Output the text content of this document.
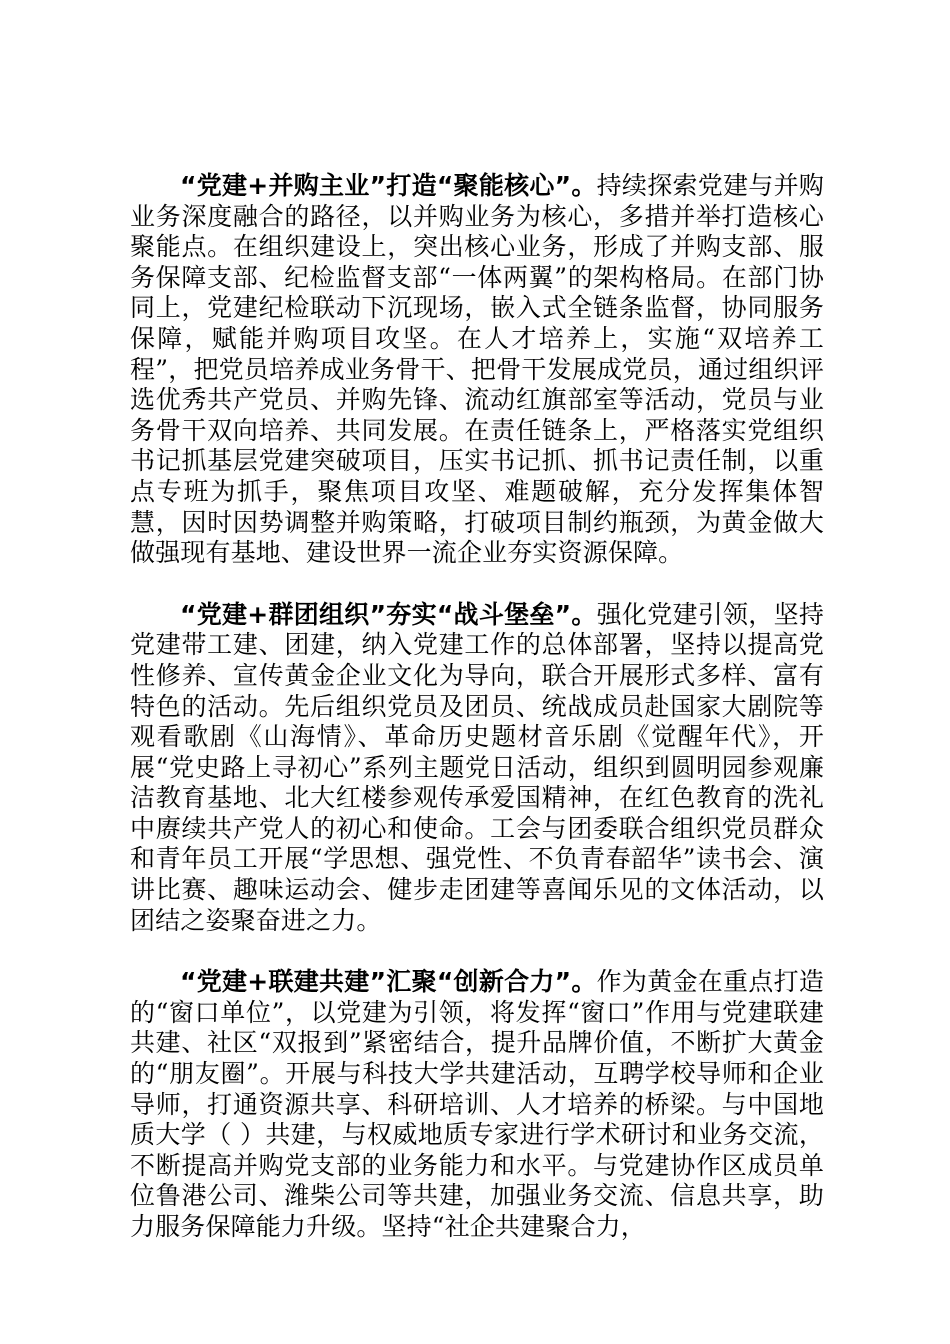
“党建+并购主业”打造“聚能核心”。持续探索党建与并购业务深度融合的路径，以并购业务为核心，多措并举打造核心聚能点。在组织建设上，突出核心业务，形成了并购支部、服务保障支部、纪检监督支部“一体两翼”的架构格局。在部门协同上，党建纪检联动下沉现场，嵌入式全链条监督，协同服务保障，赋能并购项目攻坚。在人才培养上，实施“双培养工程”，把党员培养成业务骨干、把骨干发展成党员，通过组织评选优秀共产党员、并购先锋、流动红旗部室等活动，党员与业务骨干双向培养、共同发展。在责任链条上，严格落实党组织书记抓基层党建突破项目，压实书记抓、抓书记责任制，以重点专班为抓手，聚焦项目攻坚、难题破解，充分发挥集体智慧，因时因势调整并购策略，打破项目制约瓶颈，为黄金做大做强现有基地、建设世界一流企业夯实资源保障。

“党建+群团组织”夯实“战斗堡垒”。强化党建引领，坚持党建带工建、团建，纳入党建工作的总体部署，坚持以提高党性修养、宣传黄金企业文化为导向，联合开展形式多样、富有特色的活动。先后组织党员及团员、统战成员赴国家大剧院等观看歌剧《山海情》、革命历史题材音乐剧《觉醒年代》，开展“党史路上寻初心”系列主题党日活动，组织到圆明园参观廉洁教育基地、北大红楼参观传承爱国精神，在红色教育的洗礼中赓续共产党人的初心和使命。工会与团委联合组织党员群众和青年员工开展“学思想、强党性、不负青春韶华”读书会、演讲比赛、趣味运动会、健步走团建等喜闻乐见的文体活动，以团结之姿聚奋进之力。

“党建+联建共建”汇聚“创新合力”。作为黄金在重点打造的“窗口单位”，以党建为引领，将发挥“窗口”作用与党建联建共建、社区“双报到”紧密结合，提升品牌价值，不断扩大黄金的“朋友圈”。开展与科技大学共建活动，互聘学校导师和企业导师，打通资源共享、科研培训、人才培养的桥梁。与中国地质大学（ ）共建，与权威地质专家进行学术研讨和业务交流，不断提高并购党支部的业务能力和水平。与党建协作区成员单位鲁港公司、潍柴公司等共建，加强业务交流、信息共享，助力服务保障能力升级。坚持“社企共建聚合力，
